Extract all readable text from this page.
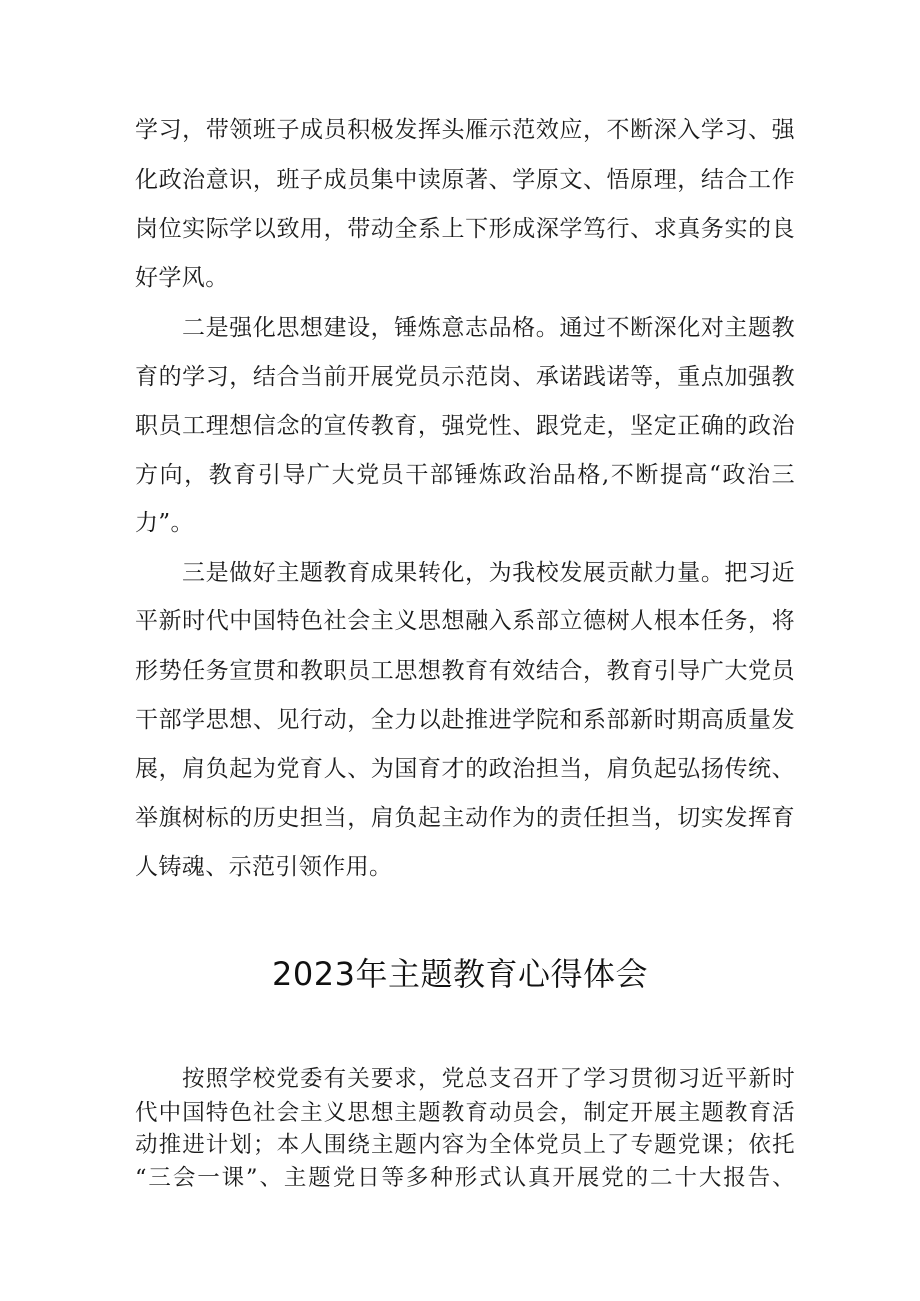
学习，带领班子成员积极发挥头雁示范效应，不断深入学习、强
化政治意识，班子成员集中读原著、学原文、悟原理，结合工作
岗位实际学以致用，带动全系上下形成深学笃行、求真务实的良
好学风。
二是强化思想建设，锤炼意志品格。通过不断深化对主题教
育的学习，结合当前开展党员示范岗、承诺践诺等，重点加强教
职员工理想信念的宣传教育，强党性、跟党走，坚定正确的政治
方向，教育引导广大党员干部锤炼政治品格,不断提高“政治三
力”。
三是做好主题教育成果转化，为我校发展贡献力量。把习近
平新时代中国特色社会主义思想融入系部立德树人根本任务，将
形势任务宣贯和教职员工思想教育有效结合，教育引导广大党员
干部学思想、见行动，全力以赴推进学院和系部新时期高质量发
展，肩负起为党育人、为国育才的政治担当，肩负起弘扬传统、
举旗树标的历史担当，肩负起主动作为的责任担当，切实发挥育
人铸魂、示范引领作用。
2023年主题教育心得体会
按照学校党委有关要求，党总支召开了学习贯彻习近平新时
代中国特色社会主义思想主题教育动员会，制定开展主题教育活
动推进计划；本人围绕主题内容为全体党员上了专题党课；依托
“三会一课”、主题党日等多种形式认真开展党的二十大报告、
